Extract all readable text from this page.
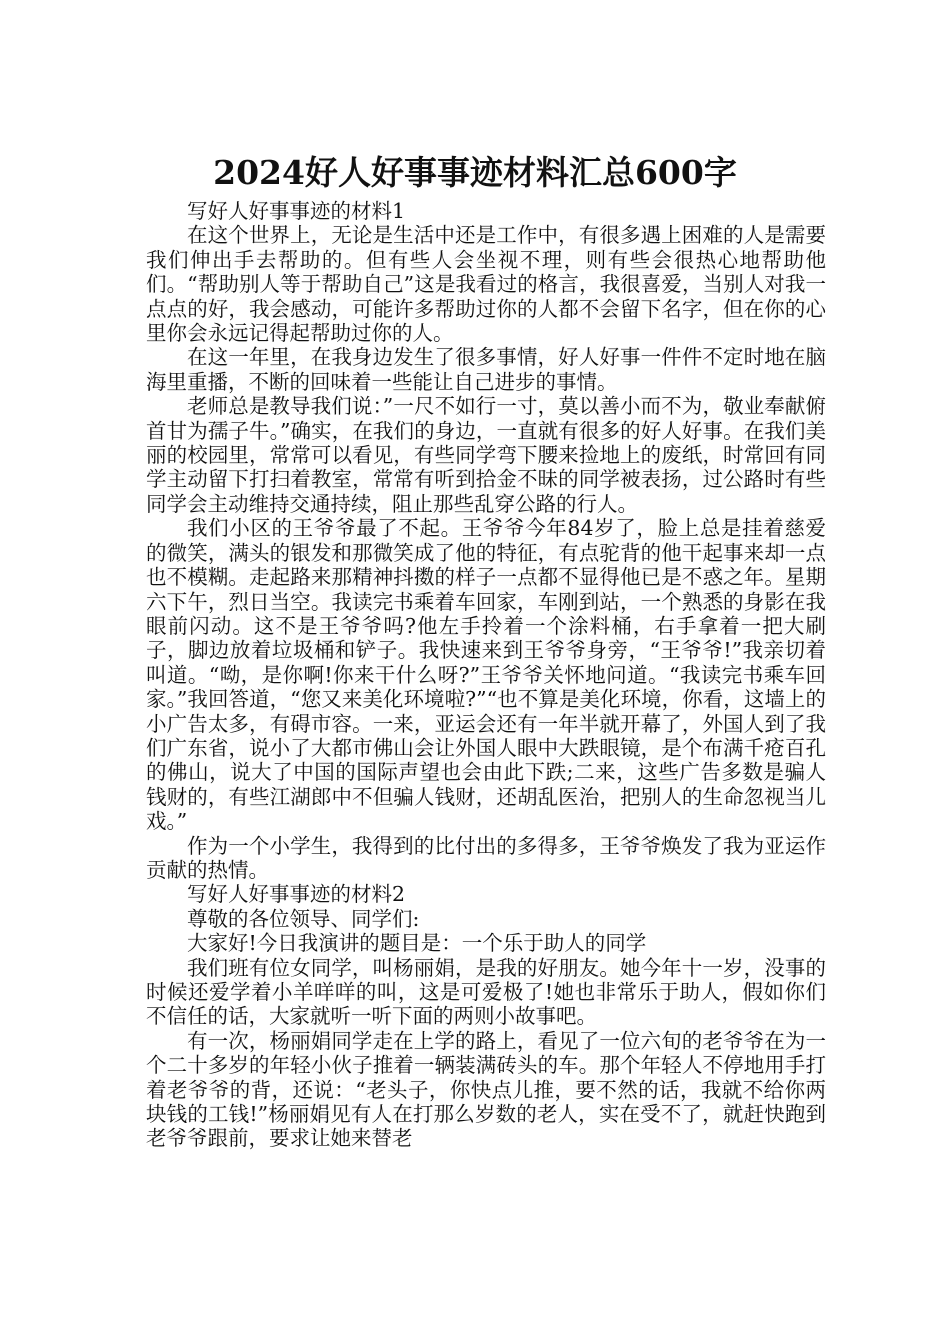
2024好人好事事迹材料汇总600字

写好人好事事迹的材料1

在这个世界上，无论是生活中还是工作中，有很多遇上困难的人是需要我们伸出手去帮助的。但有些人会坐视不理，则有些会很热心地帮助他们。“帮助别人等于帮助自己”这是我看过的格言，我很喜爱，当别人对我一点点的好，我会感动，可能许多帮助过你的人都不会留下名字，但在你的心里你会永远记得起帮助过你的人。

在这一年里，在我身边发生了很多事情，好人好事一件件不定时地在脑海里重播，不断的回味着一些能让自己进步的事情。

老师总是教导我们说：”一尺不如行一寸，莫以善小而不为，敬业奉献俯首甘为孺子牛。”确实，在我们的身边，一直就有很多的好人好事。在我们美丽的校园里，常常可以看见，有些同学弯下腰来捡地上的废纸，时常回有同学主动留下打扫着教室，常常有听到拾金不昧的同学被表扬，过公路时有些同学会主动维持交通持续，阻止那些乱穿公路的行人。

我们小区的王爷爷最了不起。王爷爷今年84岁了，脸上总是挂着慈爱的微笑，满头的银发和那微笑成了他的特征，有点驼背的他干起事来却一点也不模糊。走起路来那精神抖擞的样子一点都不显得他已是不惑之年。星期六下午，烈日当空。我读完书乘着车回家，车刚到站，一个熟悉的身影在我眼前闪动。这不是王爷爷吗?他左手拎着一个涂料桶，右手拿着一把大刷子，脚边放着垃圾桶和铲子。我快速来到王爷爷身旁，“王爷爷!”我亲切着叫道。“呦，是你啊!你来干什么呀?”王爷爷关怀地问道。“我读完书乘车回家。”我回答道，“您又来美化环境啦?”“也不算是美化环境，你看，这墙上的小广告太多，有碍市容。一来，亚运会还有一年半就开幕了，外国人到了我们广东省，说小了大都市佛山会让外国人眼中大跌眼镜，是个布满千疮百孔的佛山，说大了中国的国际声望也会由此下跌;二来，这些广告多数是骗人钱财的，有些江湖郎中不但骗人钱财，还胡乱医治，把别人的生命忽视当儿戏。”

作为一个小学生，我得到的比付出的多得多，王爷爷焕发了我为亚运作贡献的热情。

写好人好事事迹的材料2

尊敬的各位领导、同学们:

大家好!今日我演讲的题目是：一个乐于助人的同学

我们班有位女同学，叫杨丽娟，是我的好朋友。她今年十一岁，没事的时候还爱学着小羊咩咩的叫，这是可爱极了!她也非常乐于助人，假如你们不信任的话，大家就听一听下面的两则小故事吧。

有一次，杨丽娟同学走在上学的路上，看见了一位六旬的老爷爷在为一个二十多岁的年轻小伙子推着一辆装满砖头的车。那个年轻人不停地用手打着老爷爷的背，还说：“老头子，你快点儿推，要不然的话，我就不给你两块钱的工钱!”杨丽娟见有人在打那么岁数的老人，实在受不了，就赶快跑到老爷爷跟前，要求让她来替老
